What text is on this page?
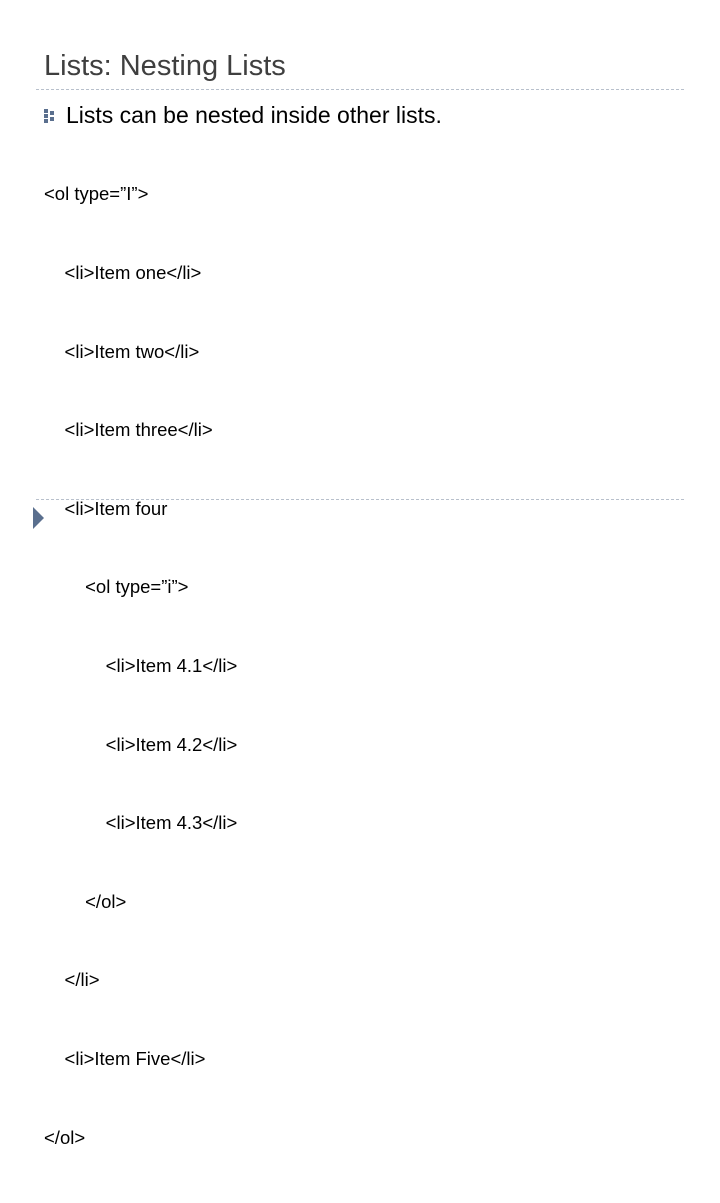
Lists: Nesting Lists
Lists can be nested inside other lists.

<ol type=”I”>

<li>Item one</li>

<li>Item two</li>

<li>Item three</li>

<li>Item four

<ol type=”i”>

<li>Item 4.1</li>

<li>Item 4.2</li>

<li>Item 4.3</li>

</ol>

</li>

<li>Item Five</li>

</ol>
